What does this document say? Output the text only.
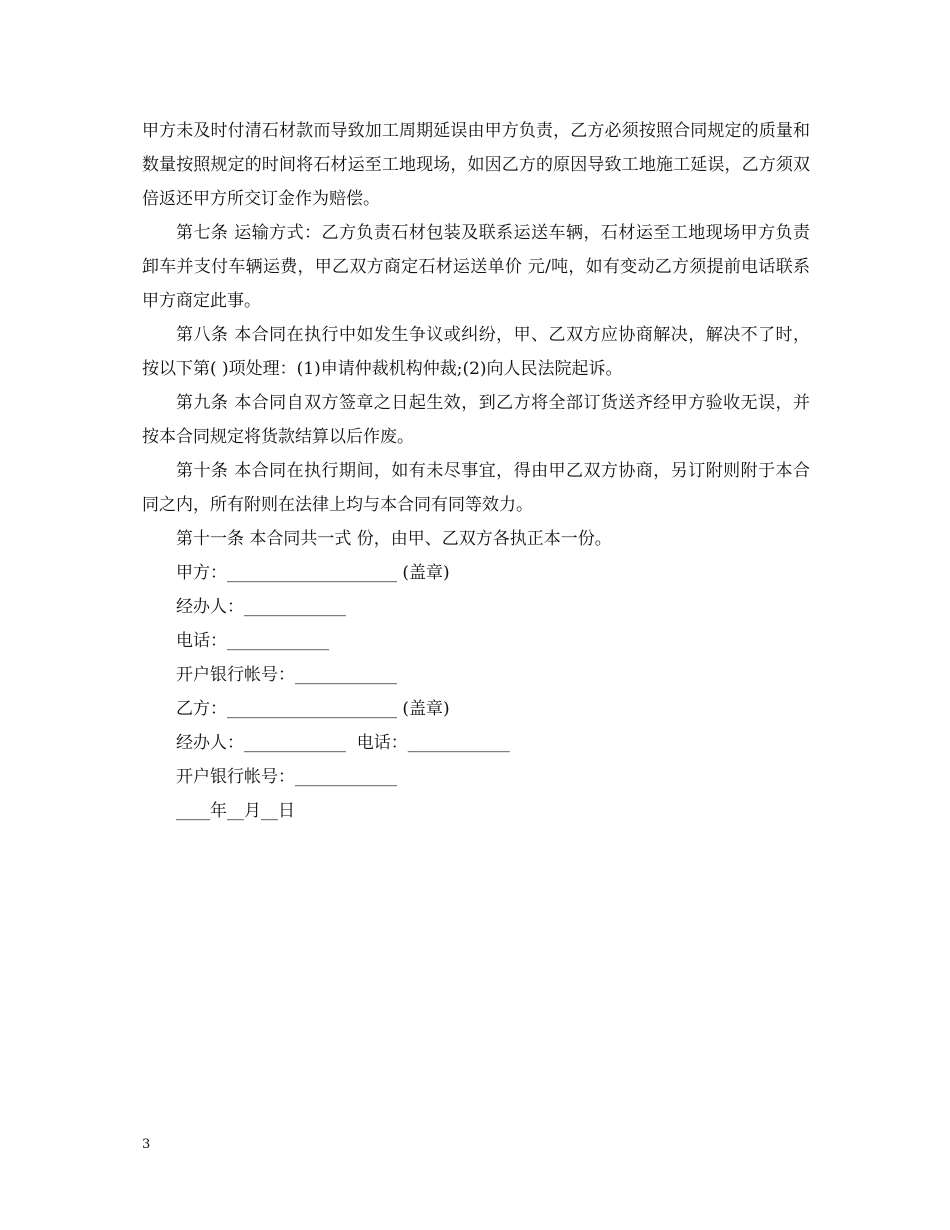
甲方未及时付清石材款而导致加工周期延误由甲方负责，乙方必须按照合同规定的质量和数量按照规定的时间将石材运至工地现场，如因乙方的原因导致工地施工延误，乙方须双倍返还甲方所交订金作为赔偿。

第七条 运输方式：乙方负责石材包装及联系运送车辆，石材运至工地现场甲方负责卸车并支付车辆运费，甲乙双方商定石材运送单价 元/吨，如有变动乙方须提前电话联系甲方商定此事。

第八条 本合同在执行中如发生争议或纠纷，甲、乙双方应协商解决，解决不了时，按以下第( )项处理：(1)申请仲裁机构仲裁;(2)向人民法院起诉。

第九条 本合同自双方签章之日起生效，到乙方将全部订货送齐经甲方验收无误，并按本合同规定将货款结算以后作废。

第十条 本合同在执行期间，如有未尽事宜，得由甲乙双方协商，另订附则附于本合同之内，所有附则在法律上均与本合同有同等效力。

第十一条 本合同共一式 份，由甲、乙双方各执正本一份。

甲方：____________________ (盖章)

经办人：____________

电话：____________

开户银行帐号：____________

乙方：____________________ (盖章)

经办人：____________  电话：____________

开户银行帐号：____________

____年__月__日

3
